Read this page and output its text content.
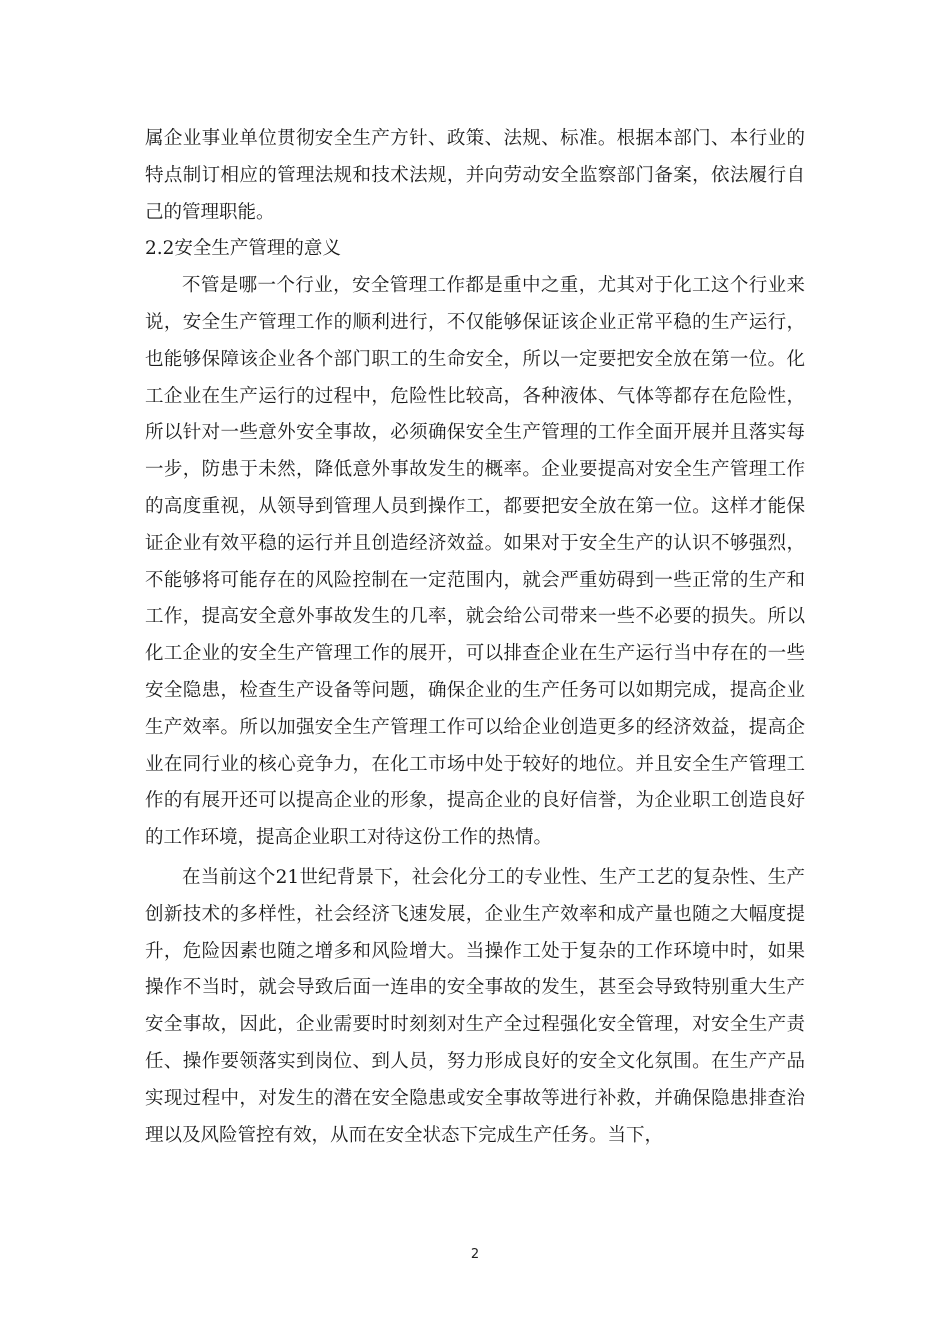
属企业事业单位贯彻安全生产方针、政策、法规、标准。根据本部门、本行业的特点制订相应的管理法规和技术法规，并向劳动安全监察部门备案，依法履行自己的管理职能。

2.2安全生产管理的意义

不管是哪一个行业，安全管理工作都是重中之重，尤其对于化工这个行业来说，安全生产管理工作的顺利进行，不仅能够保证该企业正常平稳的生产运行，也能够保障该企业各个部门职工的生命安全，所以一定要把安全放在第一位。化工企业在生产运行的过程中，危险性比较高，各种液体、气体等都存在危险性，所以针对一些意外安全事故，必须确保安全生产管理的工作全面开展并且落实每一步，防患于未然，降低意外事故发生的概率。企业要提高对安全生产管理工作的高度重视，从领导到管理人员到操作工，都要把安全放在第一位。这样才能保证企业有效平稳的运行并且创造经济效益。如果对于安全生产的认识不够强烈，不能够将可能存在的风险控制在一定范围内，就会严重妨碍到一些正常的生产和工作，提高安全意外事故发生的几率，就会给公司带来一些不必要的损失。所以化工企业的安全生产管理工作的展开，可以排查企业在生产运行当中存在的一些安全隐患，检查生产设备等问题，确保企业的生产任务可以如期完成，提高企业生产效率。所以加强安全生产管理工作可以给企业创造更多的经济效益，提高企业在同行业的核心竞争力，在化工市场中处于较好的地位。并且安全生产管理工作的有展开还可以提高企业的形象，提高企业的良好信誉，为企业职工创造良好的工作环境，提高企业职工对待这份工作的热情。

在当前这个21世纪背景下，社会化分工的专业性、生产工艺的复杂性、生产创新技术的多样性，社会经济飞速发展，企业生产效率和成产量也随之大幅度提升，危险因素也随之增多和风险增大。当操作工处于复杂的工作环境中时，如果操作不当时，就会导致后面一连串的安全事故的发生，甚至会导致特别重大生产安全事故，因此，企业需要时时刻刻对生产全过程强化安全管理，对安全生产责任、操作要领落实到岗位、到人员，努力形成良好的安全文化氛围。在生产产品实现过程中，对发生的潜在安全隐患或安全事故等进行补救，并确保隐患排查治理以及风险管控有效，从而在安全状态下完成生产任务。当下，

2
